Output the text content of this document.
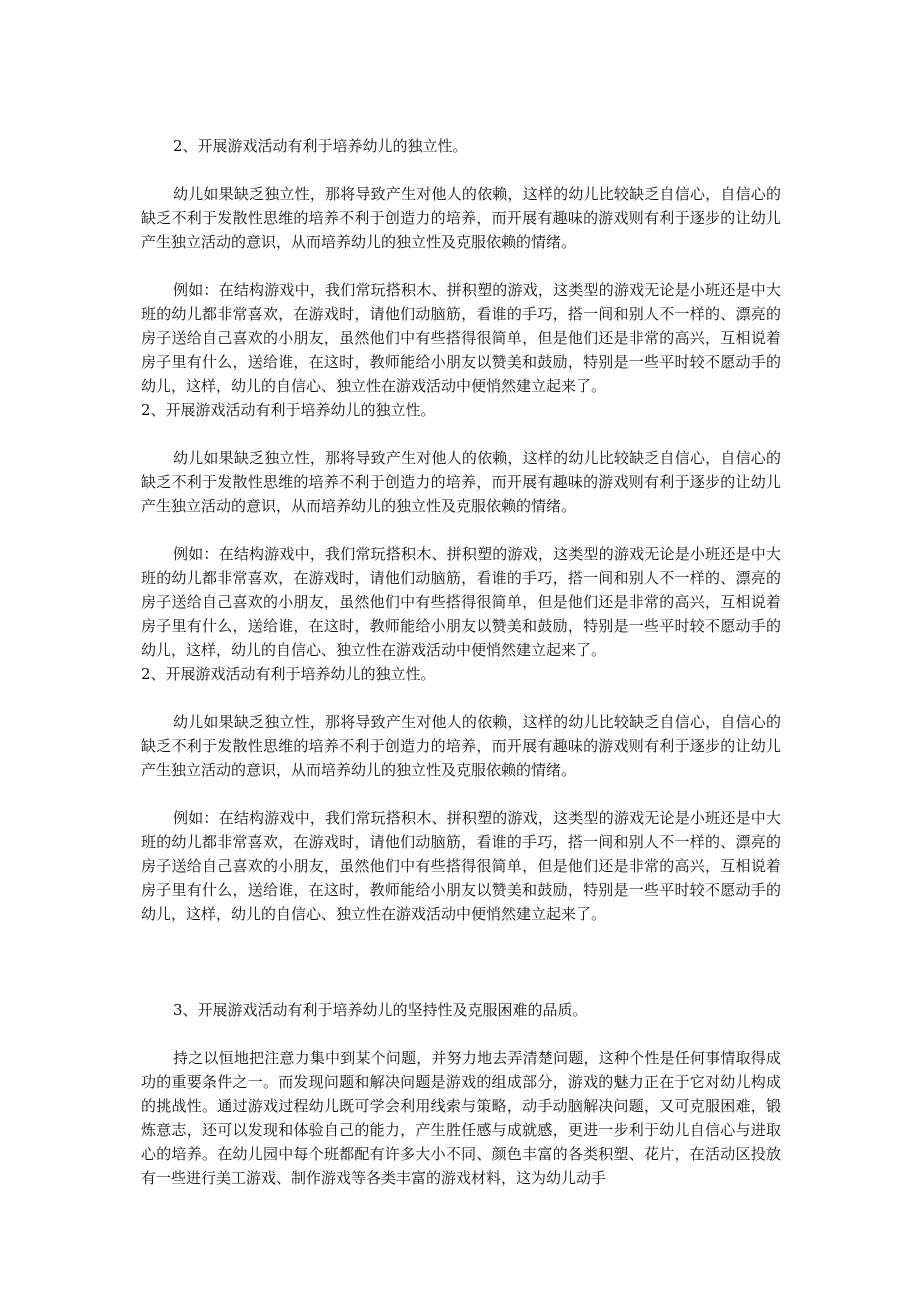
2、开展游戏活动有利于培养幼儿的独立性。

幼儿如果缺乏独立性，那将导致产生对他人的依赖，这样的幼儿比较缺乏自信心，自信心的缺乏不利于发散性思维的培养不利于创造力的培养，而开展有趣味的游戏则有利于逐步的让幼儿产生独立活动的意识，从而培养幼儿的独立性及克服依赖的情绪。

例如：在结构游戏中，我们常玩搭积木、拼积塑的游戏，这类型的游戏无论是小班还是中大班的幼儿都非常喜欢，在游戏时，请他们动脑筋，看谁的手巧，搭一间和别人不一样的、漂亮的房子送给自己喜欢的小朋友，虽然他们中有些搭得很简单，但是他们还是非常的高兴，互相说着房子里有什么，送给谁，在这时，教师能给小朋友以赞美和鼓励，特别是一些平时较不愿动手的幼儿，这样，幼儿的自信心、独立性在游戏活动中便悄然建立起来了。

2、开展游戏活动有利于培养幼儿的独立性。

幼儿如果缺乏独立性，那将导致产生对他人的依赖，这样的幼儿比较缺乏自信心，自信心的缺乏不利于发散性思维的培养不利于创造力的培养，而开展有趣味的游戏则有利于逐步的让幼儿产生独立活动的意识，从而培养幼儿的独立性及克服依赖的情绪。

例如：在结构游戏中，我们常玩搭积木、拼积塑的游戏，这类型的游戏无论是小班还是中大班的幼儿都非常喜欢，在游戏时，请他们动脑筋，看谁的手巧，搭一间和别人不一样的、漂亮的房子送给自己喜欢的小朋友，虽然他们中有些搭得很简单，但是他们还是非常的高兴，互相说着房子里有什么，送给谁，在这时，教师能给小朋友以赞美和鼓励，特别是一些平时较不愿动手的幼儿，这样，幼儿的自信心、独立性在游戏活动中便悄然建立起来了。

2、开展游戏活动有利于培养幼儿的独立性。

幼儿如果缺乏独立性，那将导致产生对他人的依赖，这样的幼儿比较缺乏自信心，自信心的缺乏不利于发散性思维的培养不利于创造力的培养，而开展有趣味的游戏则有利于逐步的让幼儿产生独立活动的意识，从而培养幼儿的独立性及克服依赖的情绪。

例如：在结构游戏中，我们常玩搭积木、拼积塑的游戏，这类型的游戏无论是小班还是中大班的幼儿都非常喜欢，在游戏时，请他们动脑筋，看谁的手巧，搭一间和别人不一样的、漂亮的房子送给自己喜欢的小朋友，虽然他们中有些搭得很简单，但是他们还是非常的高兴，互相说着房子里有什么，送给谁，在这时，教师能给小朋友以赞美和鼓励，特别是一些平时较不愿动手的幼儿，这样，幼儿的自信心、独立性在游戏活动中便悄然建立起来了。

3、开展游戏活动有利于培养幼儿的坚持性及克服困难的品质。

持之以恒地把注意力集中到某个问题，并努力地去弄清楚问题，这种个性是任何事情取得成功的重要条件之一。而发现问题和解决问题是游戏的组成部分，游戏的魅力正在于它对幼儿构成的挑战性。通过游戏过程幼儿既可学会利用线索与策略，动手动脑解决问题，又可克服困难，锻炼意志，还可以发现和体验自己的能力，产生胜任感与成就感，更进一步利于幼儿自信心与进取心的培养。在幼儿园中每个班都配有许多大小不同、颜色丰富的各类积塑、花片，在活动区投放有一些进行美工游戏、制作游戏等各类丰富的游戏材料，这为幼儿动手
